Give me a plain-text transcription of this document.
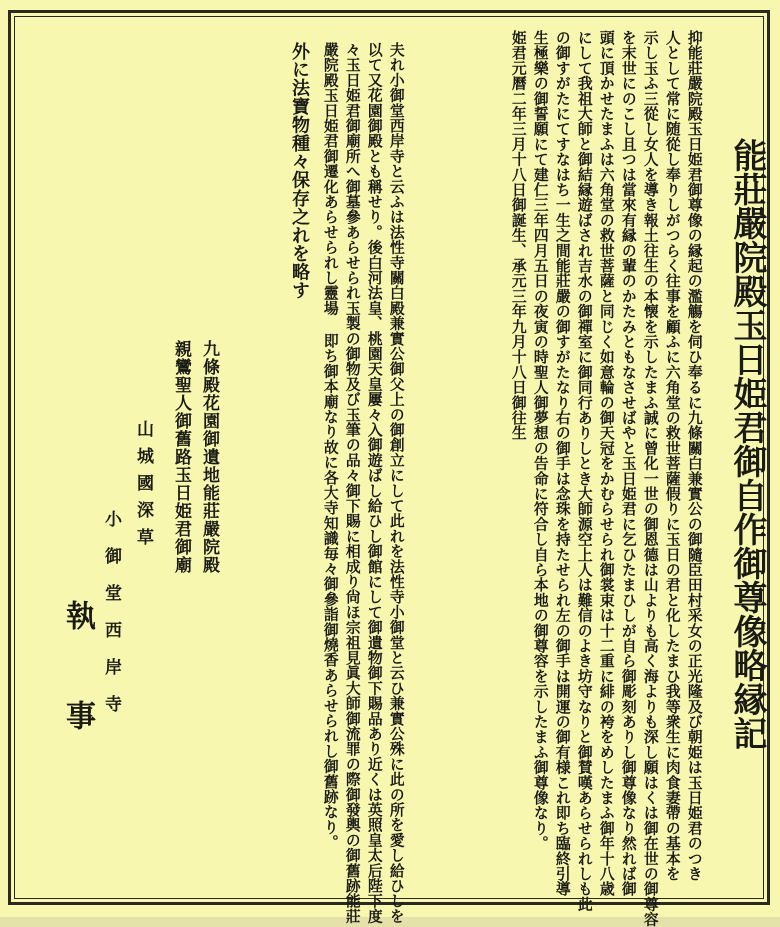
能莊嚴院殿玉日姫君御自作御尊像略縁記
抑能莊嚴院殿玉日姫君御尊像の縁起の濫觴を伺ひ奉るに九條關白兼實公の御隨臣田村采女の正光隆及び朝姫は玉日姫君のつき
人として常に随從し奉りしがつらく往事を顧ふに六角堂の救世菩薩假りに玉日の君と化したまひ我等衆生に肉食妻帶の基本を
示し玉ふ三從し女人を導き報土往生の本懐を示したまふ誠に曾化一世の御恩德は山よりも高く海よりも深し願はくは御在世の御尊容
を末世にのこし且つは當來有縁の輩のかたみともなさせばやと玉日姫君に乞ひたまひしが自ら御彫刻ありし御尊像なり然れば御
頭に頂かせたまふは六角堂の救世菩薩と同じく如意輪の御天冠をかむらせられ御裳束は十二重に緋の袴をめしたまふ御年十八歳
にして我祖大師と御結縁遊ばされ吉水の御禪室に御同行ありしとき大師源空上人は難信のよき坊守なりと御賛嘆あらせられしも此
の御すがたにてすなはち一生之間能莊嚴の御すがたなり右の御手は念珠を持たせられ左の御手は開運の御有様これ即ち臨終引導
生極樂の御誓願にて建仁三年四月五日の夜寅の時聖人御夢想の告命に符合し自ら本地の御尊容を示したまふ御尊像なり。
姫君元曆二年三月十八日御誕生、承元三年九月十八日御往生
夫れ小御堂西岸寺と云ふは法性寺關白殿兼實公御父上の御創立にして此れを法性寺小御堂と云ひ兼實公殊に此の所を愛し給ひしを
以て又花園御殿とも稱せり。後白河法皇、桃園天皇屢々入御遊ばし給ひし御館にして御遺物御下賜品あり近くは英照皇太后陛下度
々玉日姫君御廟所へ御墓參あらせられ玉製の御物及び玉筆の品々御下賜に相成り尙ほ宗祖見眞大師御流罪の際御發輿の御舊跡能莊
嚴院殿玉日姫君御遷化あらせられし靈場 即ち御本廟なり故に各大寺知識毎々御參詣御燒香あらせられし御舊跡なり。
外に法寶物種々保存之れを略す
九條殿花園御遺地能莊嚴院殿
親鸞聖人御舊路玉日姫君御廟
山城國深草
小御堂西岸寺
執事
